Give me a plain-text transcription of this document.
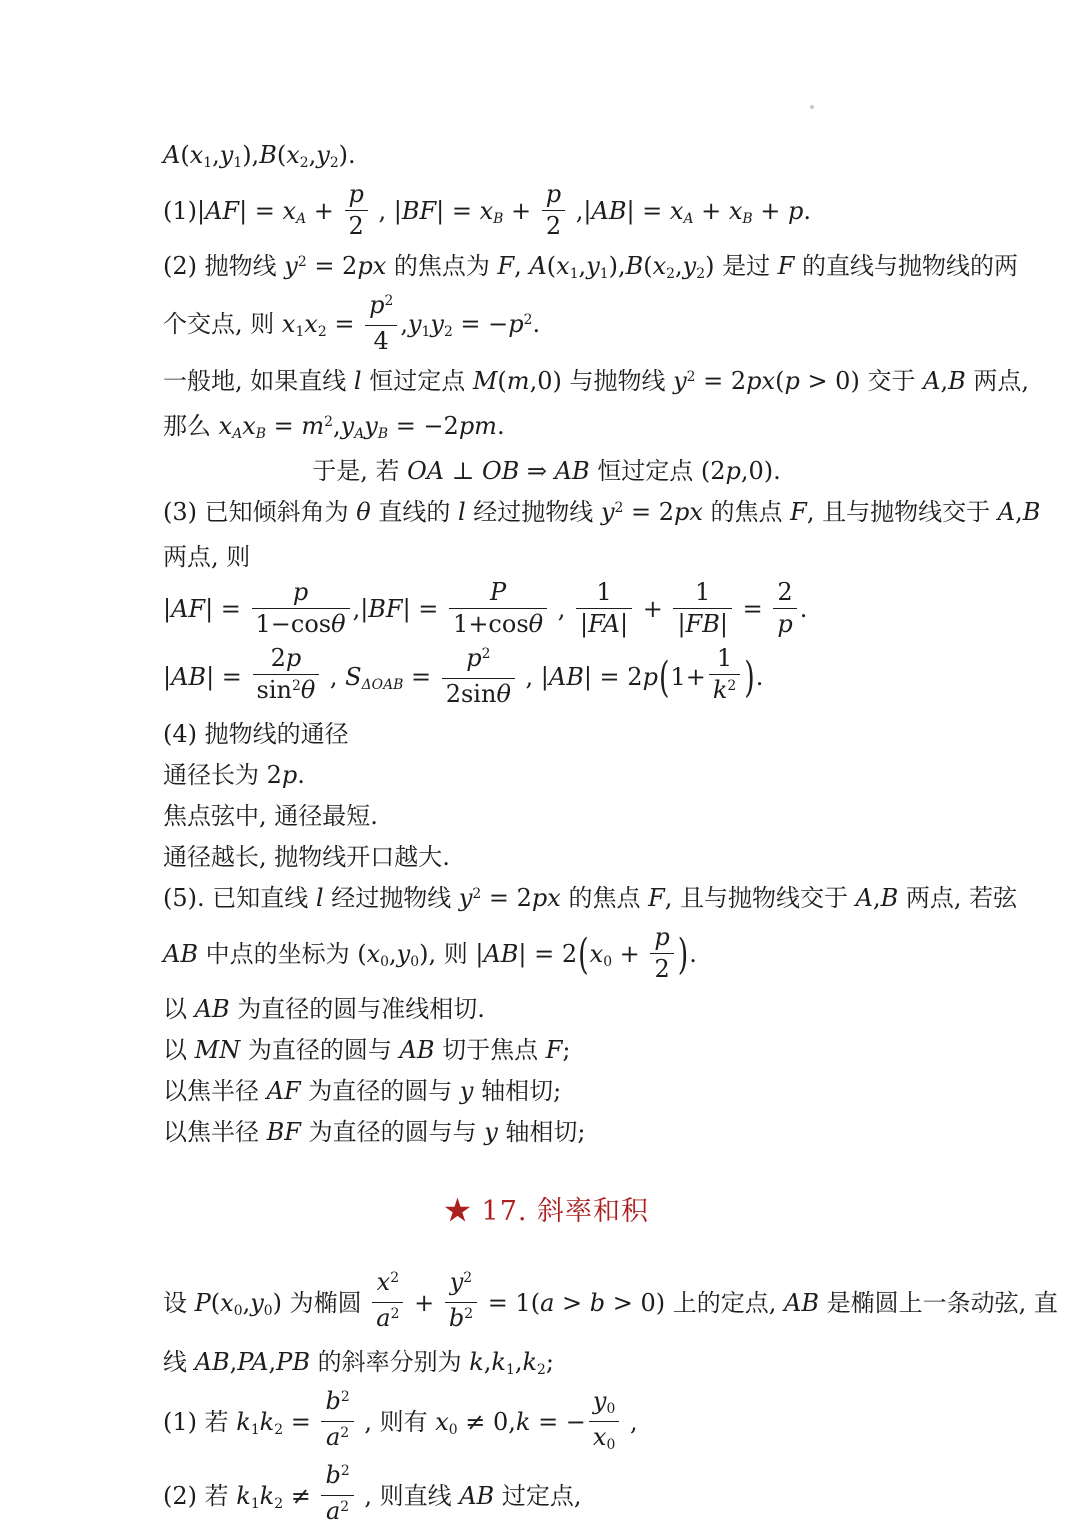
A(x1,y1),B(x2,y2).
(1)|AF| = xA + $\frac{p}{2}$ , |BF| = xB + $\frac{p}{2} ,|AB|$ = xA + xB + p.
(2) 抛物线 $y^2 = 2px$ 的焦点为 F, A(x1,y1),B(x2,y2) 是过 F 的直线与抛物线的两
个交点, 则 $x1x2 = \frac{p^2}{4} ,y1y2 = -p^2$.
一般地, 如果直线 l 恒过定点 M(m,0) 与抛物线 $y^2 = 2px(p > 0)$ 交于 A,B 两点,
那么 xAxB = $m^2,yAyB = -2pm$.
于是, 若 OA ⊥ OB ⇒ AB 恒过定点 (2p,0).
(3) 已知倾斜角为 θ 直线的 l 经过抛物线 $y^2 = 2px$ 的焦点 F, 且与抛物线交于 A,B
两点, 则
$|AF| = \frac{p}{1-\cos\theta} ,|BF| = \frac{P}{1+\cos\theta}$ , $\frac{1}{|FA|} + \frac{1}{|FB|} = \frac{2}{p}$ .
$|AB| = \frac{2p}{\sin^2\theta}$ , $S\Delta OAB = \frac{p^2}{2\sin\theta}$ , $|AB| = 2p(1+ \frac{1}{k^2}$ ).
(4) 抛物线的通径
通径长为 2p.
焦点弦中, 通径最短.
通径越长, 抛物线开口越大.
(5). 已知直线 l 经过抛物线 $y^2 = 2px$ 的焦点 F, 且与抛物线交于 A,B 两点, 若弦
AB 中点的坐标为 (x0,y0), 则 $|AB| = 2(x0 + \frac{p}{2}$ ).
以 AB 为直径的圆与准线相切.
以 MN 为直径的圆与 AB 切于焦点 F;
以焦半径 AF 为直径的圆与 y 轴相切;
以焦半径 BF 为直径的圆与与 y 轴相切;
★ 17. 斜率和积
设 P(x0,y0) 为椭圆 $\frac{x^2}{a^2} + \frac{y^2}{b^2} = 1(a > b > 0)$ 上的定点, AB 是椭圆上一条动弦, 直
线 AB,PA,PB 的斜率分别为 k,k1,k2;
(1) 若 $k1k2 = \frac{b^2}{a^2}$ , 则有 x0 ≠ 0,k = − $\frac{y0}{x0}$ ,
(2) 若 $k1k2 \ne \frac{b^2}{a^2}$ , 则直线 AB 过定点,
